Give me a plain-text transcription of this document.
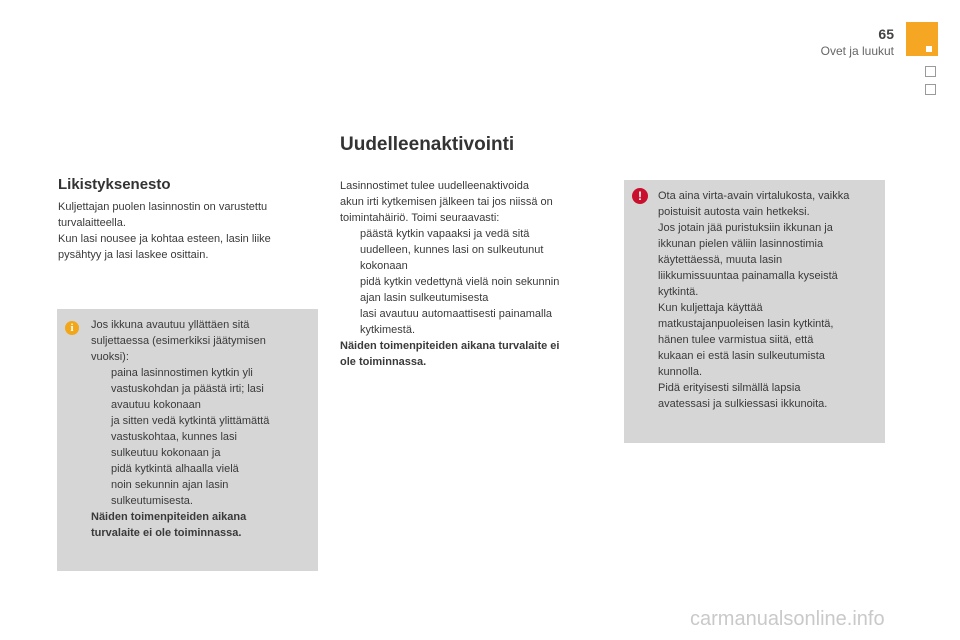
65
Ovet ja luukut
Likistyksenesto
Kuljettajan puolen lasinnostin on varustettu
turvalaitteella.
Kun lasi nousee ja kohtaa esteen, lasin liike
pysähtyy ja lasi laskee osittain.
i	Jos ikkuna avautuu yllättäen sitä
suljettaessa (esimerkiksi jäätymisen
vuoksi):
paina lasinnostimen kytkin yli
vastuskohdan ja päästä irti; lasi
avautuu kokonaan
ja sitten vedä kytkintä ylittämättä
vastuskohtaa, kunnes lasi
sulkeutuu kokonaan ja
pidä kytkintä alhaalla vielä
noin sekunnin ajan lasin
sulkeutumisesta.
Näiden toimenpiteiden aikana
turvalaite ei ole toiminnassa.
Uudelleenaktivointi
Lasinnostimet tulee uudelleenaktivoida
akun irti kytkemisen jälkeen tai jos niissä on
toimintahäiriö. Toimi seuraavasti:
päästä kytkin vapaaksi ja vedä sitä
uudelleen, kunnes lasi on sulkeutunut
kokonaan
pidä kytkin vedettynä vielä noin sekunnin
ajan lasin sulkeutumisesta
lasi avautuu automaattisesti painamalla
kytkimestä.
Näiden toimenpiteiden aikana turvalaite ei
ole toiminnassa.
!	Ota aina virta-avain virtalukosta, vaikka
poistuisit autosta vain hetkeksi.
Jos jotain jää puristuksiin ikkunan ja
ikkunan pielen väliin lasinnostimia
käytettäessä, muuta lasin
liikkumissuuntaa painamalla kyseistä
kytkintä.
Kun kuljettaja käyttää
matkustajanpuoleisen lasin kytkintä,
hänen tulee varmistua siitä, että
kukaan ei estä lasin sulkeutumista
kunnolla.
Pidä erityisesti silmällä lapsia
avatessasi ja sulkiessasi ikkunoita.
carmanualsonline.info
